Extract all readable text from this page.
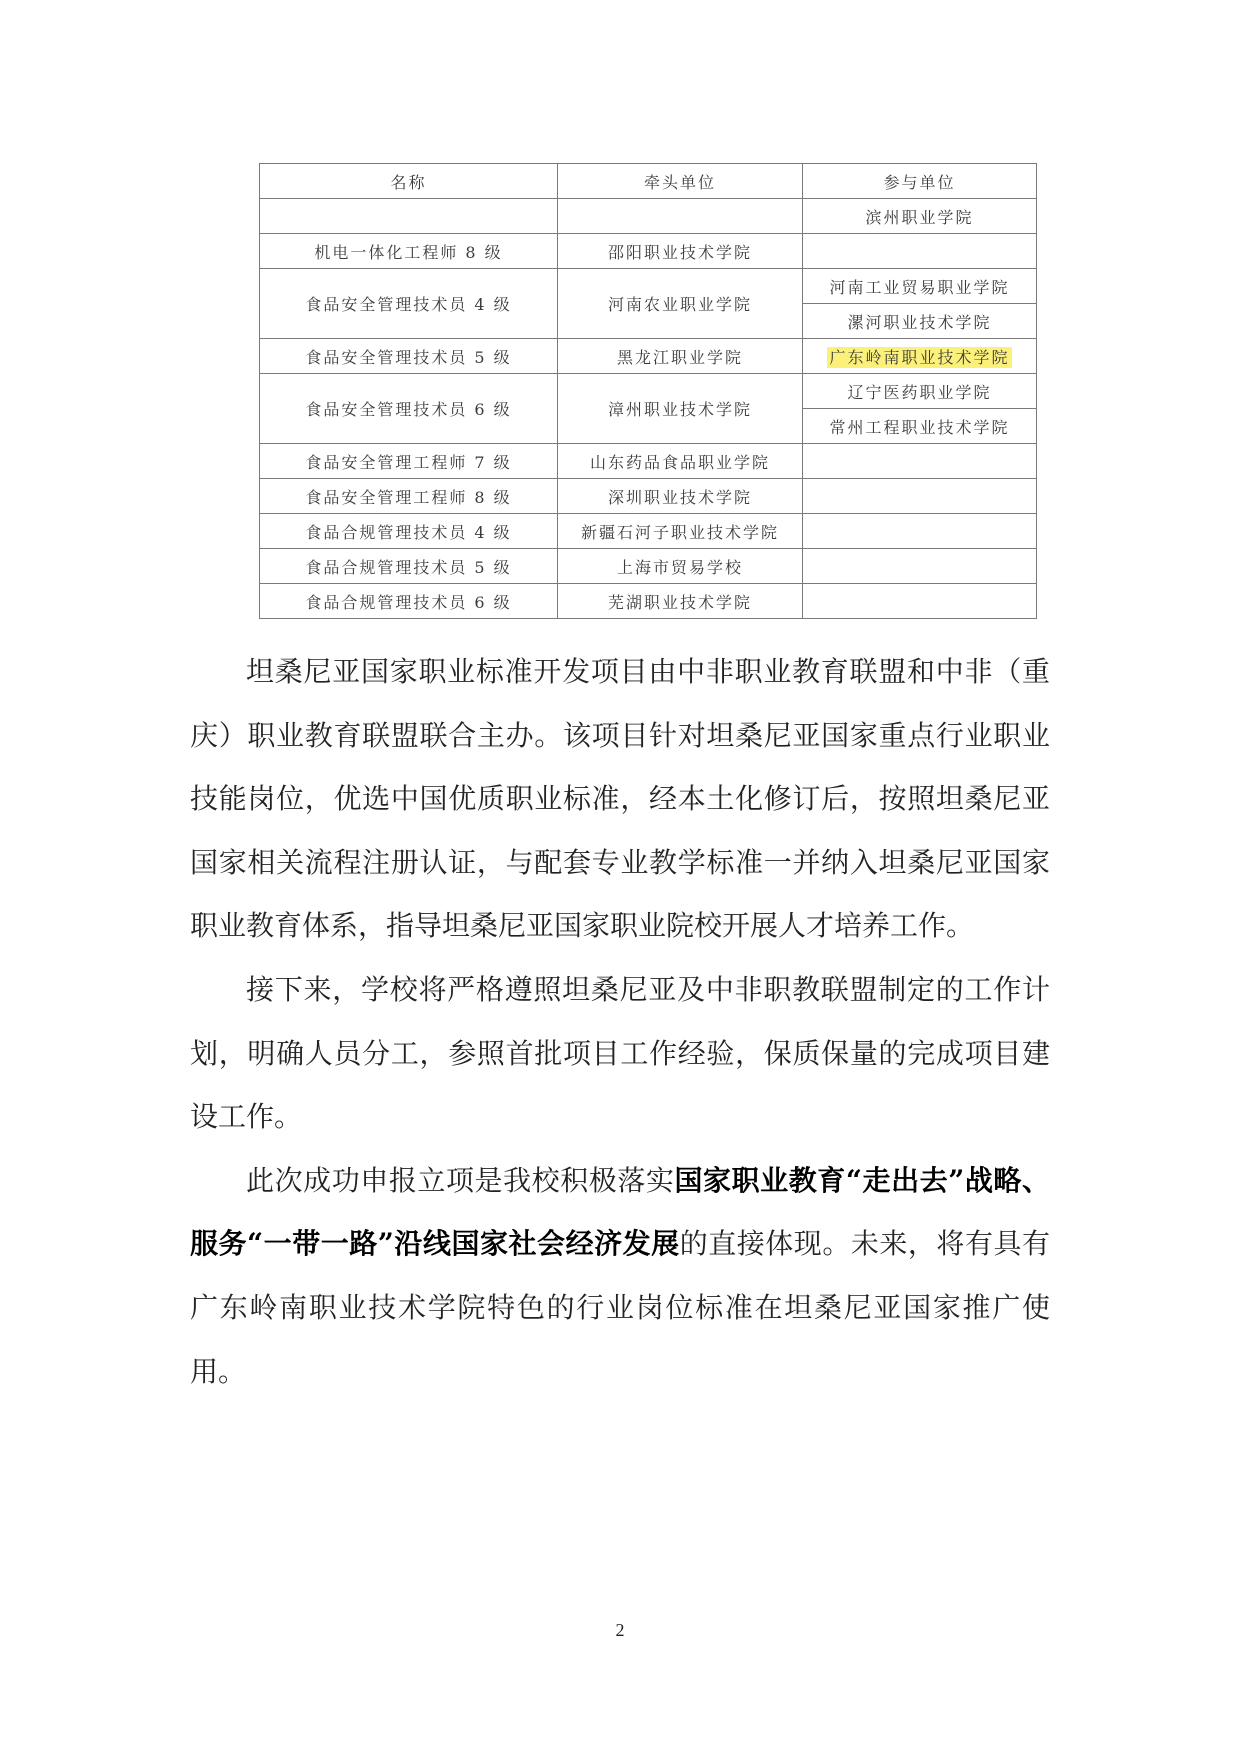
名称	牵头单位	参与单位
		滨州职业学院
机电一体化工程师 8 级	邵阳职业技术学院	
食品安全管理技术员 4 级	河南农业职业学院	河南工业贸易职业学院
		漯河职业技术学院
食品安全管理技术员 5 级	黑龙江职业学院	广东岭南职业技术学院
食品安全管理技术员 6 级	漳州职业技术学院	辽宁医药职业学院
		常州工程职业技术学院
食品安全管理工程师 7 级	山东药品食品职业学院	
食品安全管理工程师 8 级	深圳职业技术学院	
食品合规管理技术员 4 级	新疆石河子职业技术学院	
食品合规管理技术员 5 级	上海市贸易学校	
食品合规管理技术员 6 级	芜湖职业技术学院	

坦桑尼亚国家职业标准开发项目由中非职业教育联盟和中非（重庆）职业教育联盟联合主办。该项目针对坦桑尼亚国家重点行业职业技能岗位，优选中国优质职业标准，经本土化修订后，按照坦桑尼亚国家相关流程注册认证，与配套专业教学标准一并纳入坦桑尼亚国家职业教育体系，指导坦桑尼亚国家职业院校开展人才培养工作。

接下来，学校将严格遵照坦桑尼亚及中非职教联盟制定的工作计划，明确人员分工，参照首批项目工作经验，保质保量的完成项目建设工作。

此次成功申报立项是我校积极落实国家职业教育“走出去”战略、服务“一带一路”沿线国家社会经济发展的直接体现。未来，将有具有广东岭南职业技术学院特色的行业岗位标准在坦桑尼亚国家推广使用。

2
